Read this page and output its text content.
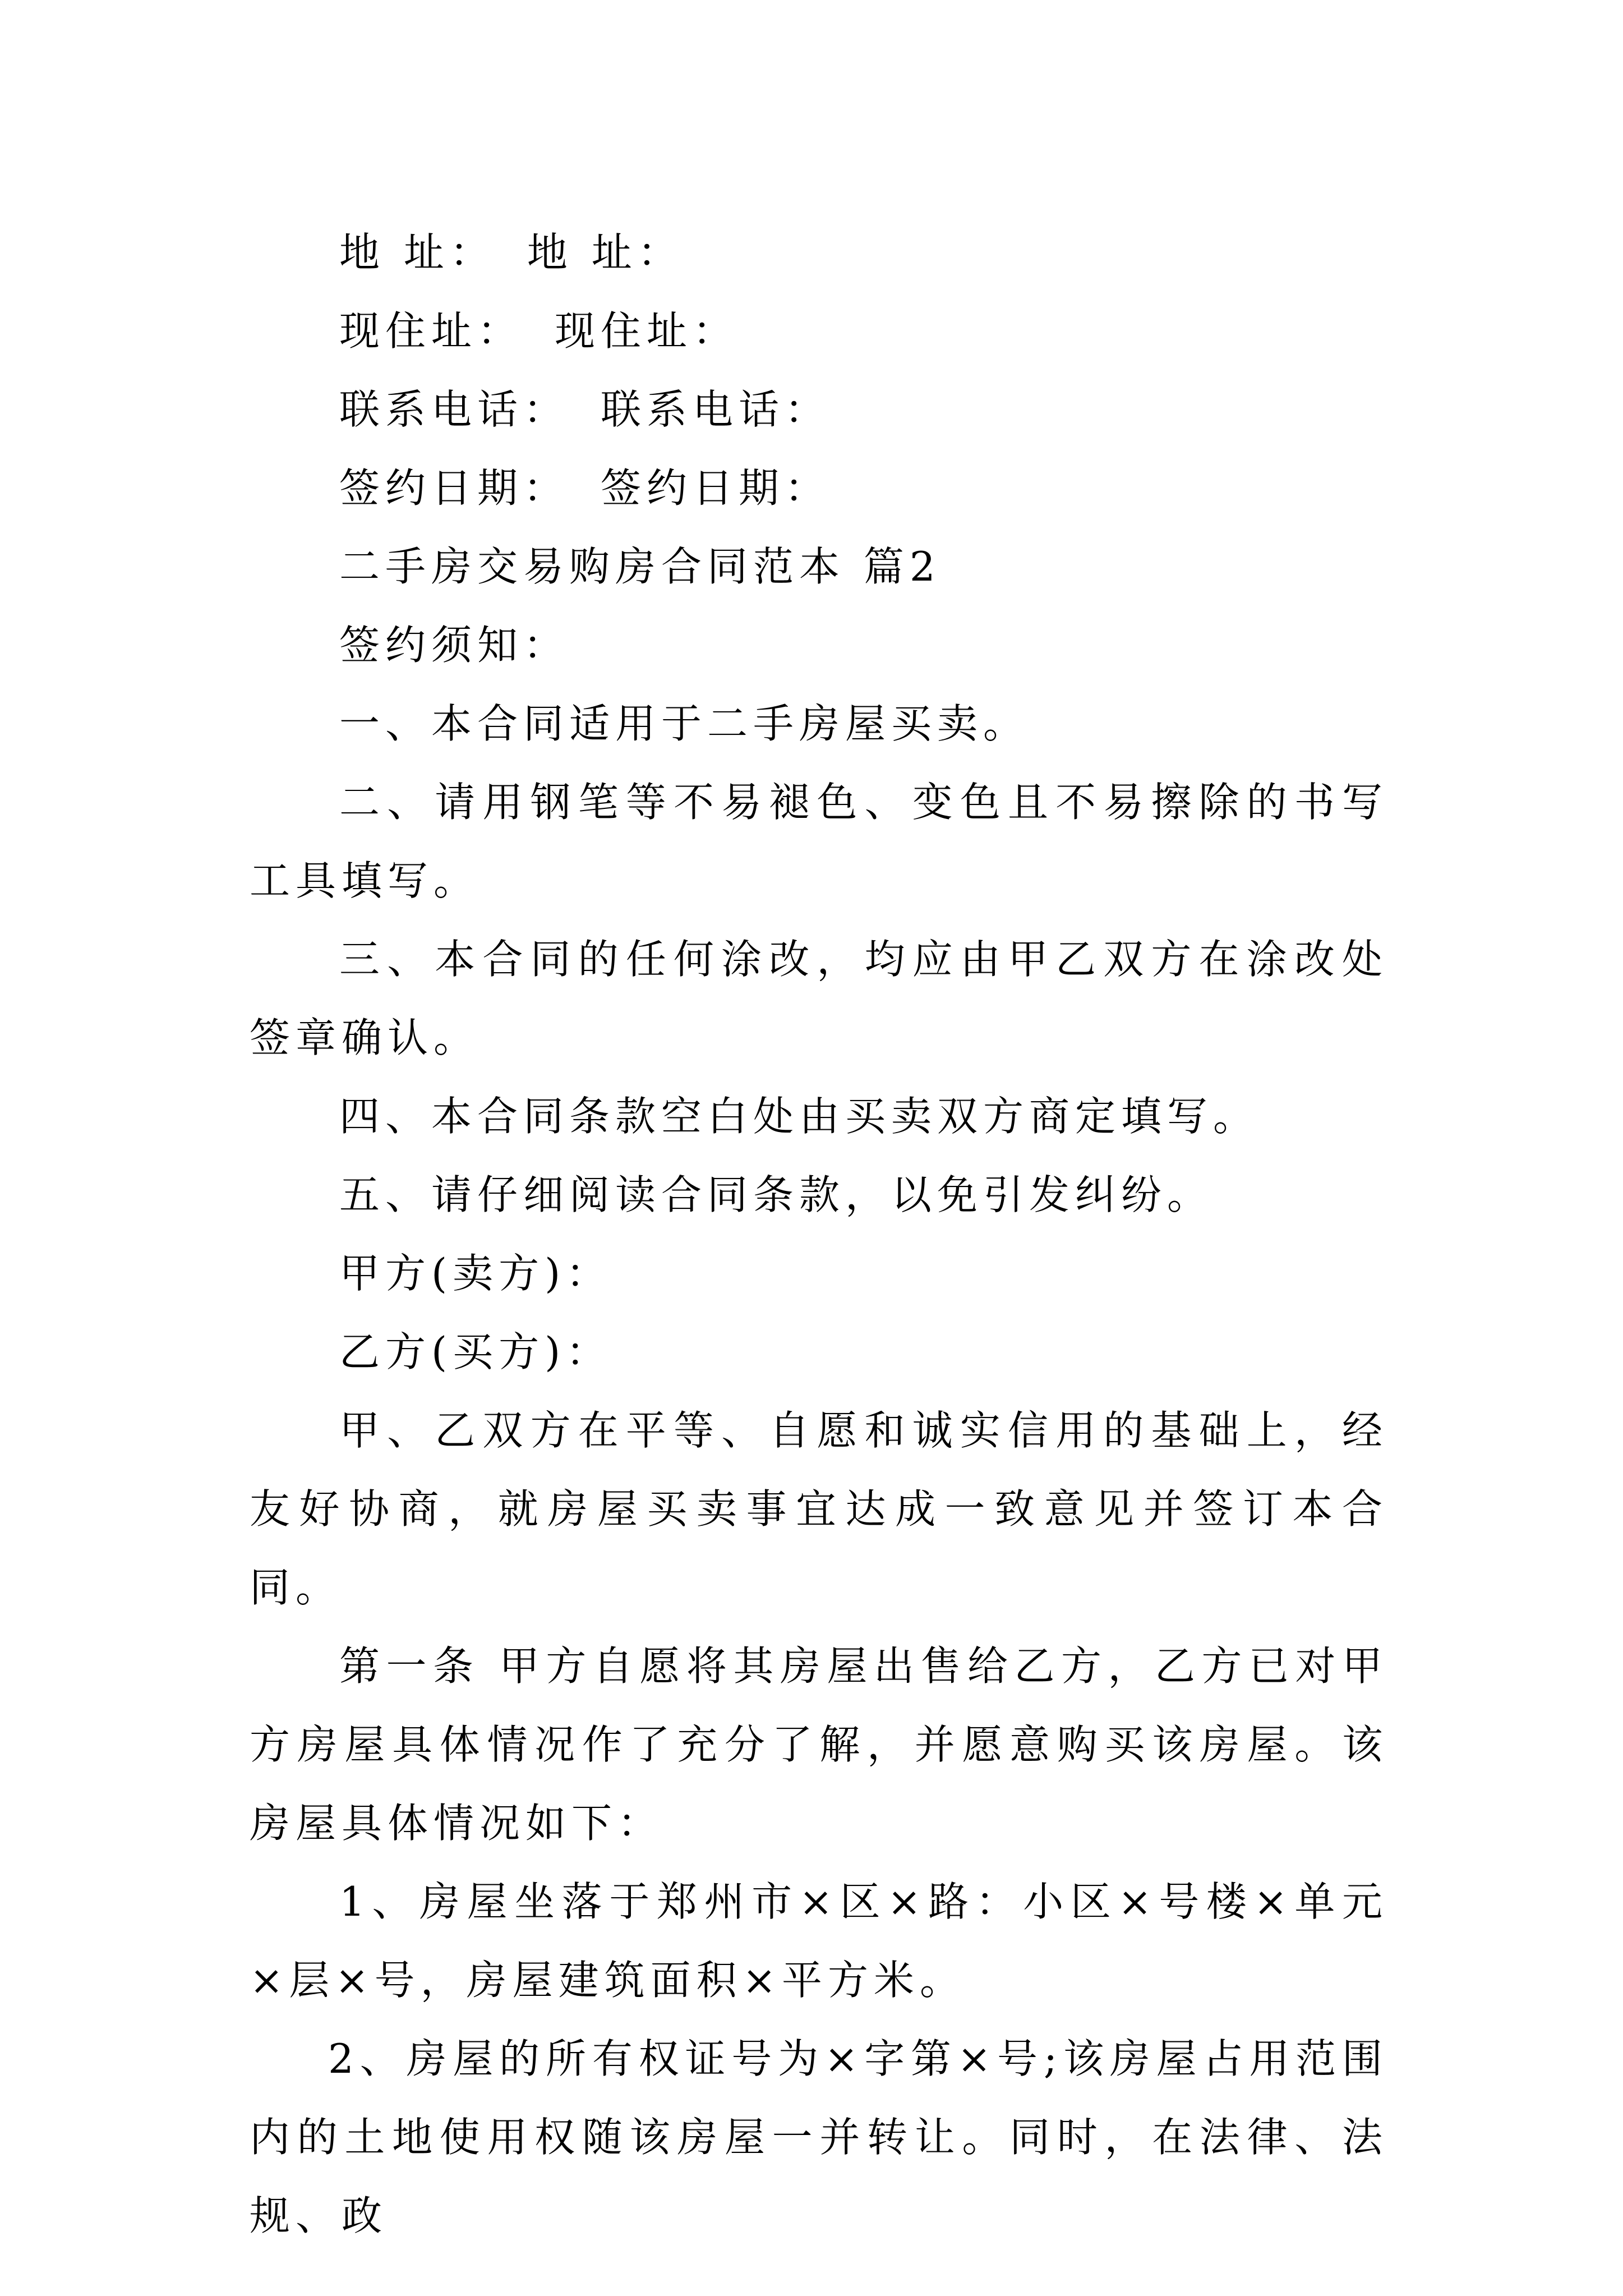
地 址： 地 址：
现住址： 现住址：
联系电话： 联系电话：
签约日期： 签约日期：
二手房交易购房合同范本 篇2
签约须知：
一、本合同适用于二手房屋买卖。
二、请用钢笔等不易褪色、变色且不易擦除的书写工具填写。
三、本合同的任何涂改，均应由甲乙双方在涂改处签章确认。
四、本合同条款空白处由买卖双方商定填写。
五、请仔细阅读合同条款，以免引发纠纷。
甲方(卖方)：
乙方(买方)：
甲、乙双方在平等、自愿和诚实信用的基础上，经友好协商，就房屋买卖事宜达成一致意见并签订本合同。
第一条 甲方自愿将其房屋出售给乙方，乙方已对甲方房屋具体情况作了充分了解，并愿意购买该房屋。该房屋具体情况如下：
1、房屋坐落于郑州市×区×路：小区×号楼×单元×层×号，房屋建筑面积×平方米。
2、房屋的所有权证号为×字第×号;该房屋占用范围内的土地使用权随该房屋一并转让。同时，在法律、法规、政
